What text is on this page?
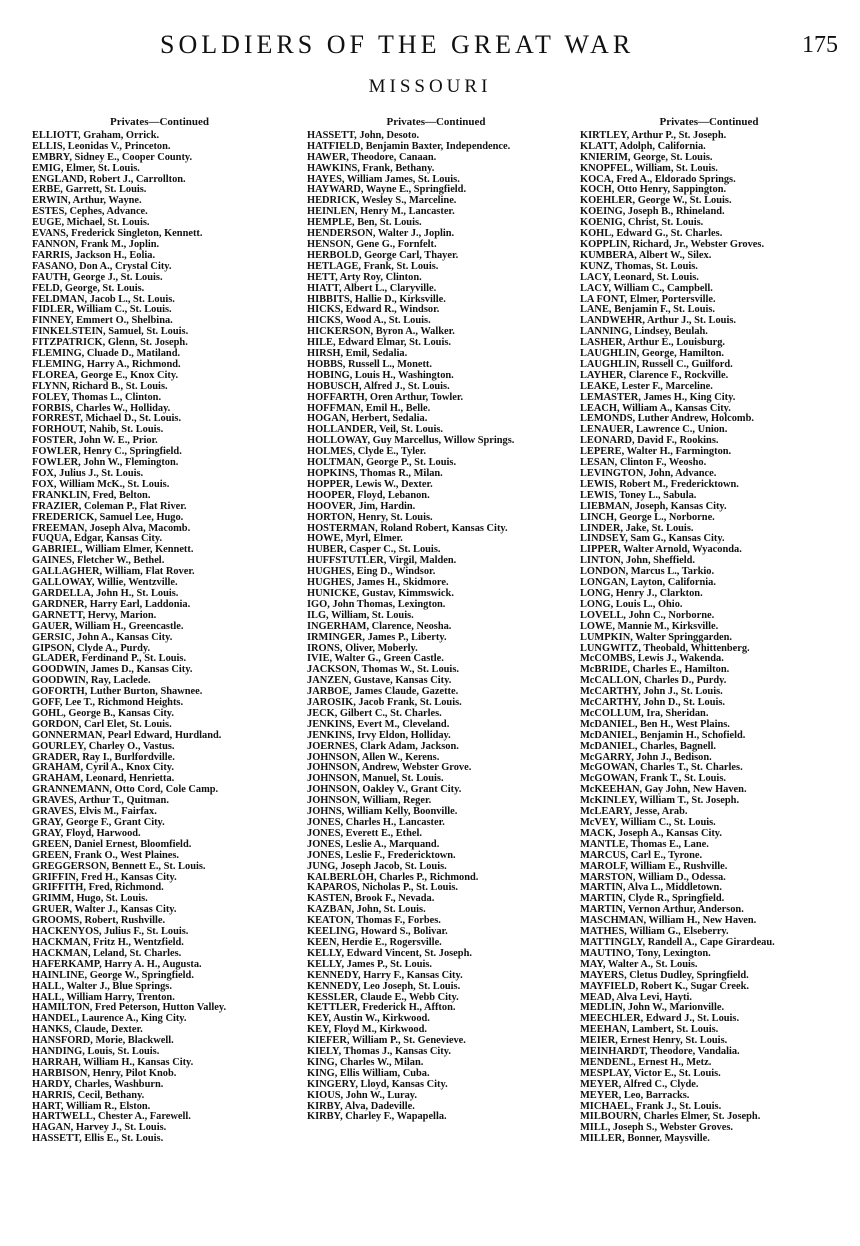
SOLDIERS OF THE GREAT WAR	175
MISSOURI
Privates—Continued

ELLIOTT, Graham, Orrick.

ELLIS, Leonidas V., Princeton.

EMBRY, Sidney E., Cooper County.

EMIG, Elmer, St. Louis.

ENGLAND, Robert J., Carrollton.

ERBE, Garrett, St. Louis.

ERWIN, Arthur, Wayne.

ESTES, Cephes, Advance.

EUGE, Michael, St. Louis.

EVANS, Frederick Singleton, Kennett.

FANNON, Frank M., Joplin.

FARRIS, Jackson H., Eolia.

FASANO, Don A., Crystal City.

FAUTH, George J., St. Louis.

FELD, George, St. Louis.

FELDMAN, Jacob L., St. Louis.

FIDLER, William C., St. Louis.

FINNEY, Emmert O., Shelbina.

FINKELSTEIN, Samuel, St. Louis.

FITZPATRICK, Glenn, St. Joseph.

FLEMING, Cluade D., Matiland.

FLEMING, Harry A., Richmond.

FLOREA, George E., Knox City.

FLYNN, Richard B., St. Louis.

FOLEY, Thomas L., Clinton.

FORBIS, Charles W., Holliday.

FORREST, Michael D., St. Louis.

FORHOUT, Nahib, St. Louis.

FOSTER, John W. E., Prior.

FOWLER, Henry C., Springfield.

FOWLER, John W., Flemington.

FOX, Julius J., St. Louis.

FOX, William McK., St. Louis.

FRANKLIN, Fred, Belton.

FRAZIER, Coleman P., Flat River.

FREDERICK, Samuel Lee, Hugo.

FREEMAN, Joseph Alva, Macomb.

FUQUA, Edgar, Kansas City.

GABRIEL, William Elmer, Kennett.

GAINES, Fletcher W., Bethel.

GALLAGHER, William, Flat Rover.

GALLOWAY, Willie, Wentzville.

GARDELLA, John H., St. Louis.

GARDNER, Harry Earl, Laddonia.

GARNETT, Hervy, Marion.

GAUER, William H., Greencastle.

GERSIC, John A., Kansas City.

GIPSON, Clyde A., Purdy.

GLADER, Ferdinand P., St. Louis.

GOODWIN, James D., Kansas City.

GOODWIN, Ray, Laclede.

GOFORTH, Luther Burton, Shawnee.

GOFF, Lee T., Richmond Heights.

GOHL, George B., Kansas City.

GORDON, Carl Elet, St. Louis.

GONNERMAN, Pearl Edward, Hurdland.

GOURLEY, Charley O., Vastus.

GRADER, Ray I., Burlfordville.

GRAHAM, Cyril A., Knox City.

GRAHAM, Leonard, Henrietta.

GRANNEMANN, Otto Cord, Cole Camp.

GRAVES, Arthur T., Quitman.

GRAVES, Elvis M., Fairfax.

GRAY, George F., Grant City.

GRAY, Floyd, Harwood.

GREEN, Daniel Ernest, Bloomfield.

GREEN, Frank O., West Plaines.

GREGGERSON, Bennett E., St. Louis.

GRIFFIN, Fred H., Kansas City.

GRIFFITH, Fred, Richmond.

GRIMM, Hugo, St. Louis.

GRUER, Walter J., Kansas City.

GROOMS, Robert, Rushville.

HACKENYOS, Julius F., St. Louis.

HACKMAN, Fritz H., Wentzfield.

HACKMAN, Leland, St. Charles.

HAFERKAMP, Harry A. H., Augusta.

HAINLINE, George W., Springfield.

HALL, Walter J., Blue Springs.

HALL, William Harry, Trenton.

HAMILTON, Fred Peterson, Hutton Valley.

HANDEL, Laurence A., King City.

HANKS, Claude, Dexter.

HANSFORD, Morie, Blackwell.

HANDING, Louis, St. Louis.

HARRAH, William H., Kansas City.

HARBISON, Henry, Pilot Knob.

HARDY, Charles, Washburn.

HARRIS, Cecil, Bethany.

HART, William R., Elston.

HARTWELL, Chester A., Farewell.

HAGAN, Harvey J., St. Louis.

HASSETT, Ellis E., St. Louis.

Privates—Continued

HASSETT, John, Desoto.

HATFIELD, Benjamin Baxter, Independence.

HAWER, Theodore, Canaan.

HAWKINS, Frank, Bethany.

HAYES, William James, St. Louis.

HAYWARD, Wayne E., Springfield.

HEDRICK, Wesley S., Marceline.

HEINLEN, Henry M., Lancaster.

HEMPLE, Ben, St. Louis.

HENDERSON, Walter J., Joplin.

HENSON, Gene G., Fornfelt.

HERBOLD, George Carl, Thayer.

HETLAGE, Frank, St. Louis.

HETT, Arty Roy, Clinton.

HIATT, Albert L., Claryville.

HIBBITS, Hallie D., Kirksville.

HICKS, Edward R., Windsor.

HICKS, Wood A., St. Louis.

HICKERSON, Byron A., Walker.

HILE, Edward Elmar, St. Louis.

HIRSH, Emil, Sedalia.

HOBBS, Russell L., Monett.

HOBING, Louis H., Washington.

HOBUSCH, Alfred J., St. Louis.

HOFFARTH, Oren Arthur, Towler.

HOFFMAN, Emil H., Belle.

HOGAN, Herbert, Sedalia.

HOLLANDER, Veil, St. Louis.

HOLLOWAY, Guy Marcellus, Willow Springs.

HOLMES, Clyde E., Tyler.

HOLTMAN, George P., St. Louis.

HOPKINS, Thomas R., Milan.

HOPPER, Lewis W., Dexter.

HOOPER, Floyd, Lebanon.

HOOVER, Jim, Hardin.

HORTON, Henry, St. Louis.

HOSTERMAN, Roland Robert, Kansas City.

HOWE, Myrl, Elmer.

HUBER, Casper C., St. Louis.

HUFFSTUTLER, Virgil, Malden.

HUGHES, Eing D., Windsor.

HUGHES, James H., Skidmore.

HUNICKE, Gustav, Kimmswick.

IGO, John Thomas, Lexington.

ILG, William, St. Louis.

INGERHAM, Clarence, Neosha.

IRMINGER, James P., Liberty.

IRONS, Oliver, Moberly.

IVIE, Walter G., Green Castle.

JACKSON, Thomas W., St. Louis.

JANZEN, Gustave, Kansas City.

JARBOE, James Claude, Gazette.

JAROSIK, Jacob Frank, St. Louis.

JECK, Gilbert C., St. Charles.

JENKINS, Evert M., Cleveland.

JENKINS, Irvy Eldon, Holliday.

JOERNES, Clark Adam, Jackson.

JOHNSON, Allen W., Kerens.

JOHNSON, Andrew, Webster Grove.

JOHNSON, Manuel, St. Louis.

JOHNSON, Oakley V., Grant City.

JOHNSON, William, Reger.

JOHNS, William Kelly, Boonville.

JONES, Charles H., Lancaster.

JONES, Everett E., Ethel.

JONES, Leslie A., Marquand.

JONES, Leslie F., Fredericktown.

JUNG, Joseph Jacob, St. Louis.

KALBERLOH, Charles P., Richmond.

KAPAROS, Nicholas P., St. Louis.

KASTEN, Brook F., Nevada.

KAZBAN, John, St. Louis.

KEATON, Thomas F., Forbes.

KEELING, Howard S., Bolivar.

KEEN, Herdie E., Rogersville.

KELLY, Edward Vincent, St. Joseph.

KELLY, James P., St. Louis.

KENNEDY, Harry F., Kansas City.

KENNEDY, Leo Joseph, St. Louis.

KESSLER, Claude E., Webb City.

KETTLER, Frederick H., Affton.

KEY, Austin W., Kirkwood.

KEY, Floyd M., Kirkwood.

KIEFER, William P., St. Genevieve.

KIELY, Thomas J., Kansas City.

KING, Charles W., Milan.

KING, Ellis William, Cuba.

KINGERY, Lloyd, Kansas City.

KIOUS, John W., Luray.

KIRBY, Alva, Dadeville.

KIRBY, Charley F., Wapapella.

Privates—Continued

KIRTLEY, Arthur P., St. Joseph.

KLATT, Adolph, California.

KNIERIM, George, St. Louis.

KNOPFEL, William, St. Louis.

KOCA, Fred A., Eldorado Springs.

KOCH, Otto Henry, Sappington.

KOEHLER, George W., St. Louis.

KOEING, Joseph B., Rhineland.

KOENIG, Christ, St. Louis.

KOHL, Edward G., St. Charles.

KOPPLIN, Richard, Jr., Webster Groves.

KUMBERA, Albert W., Silex.

KUNZ, Thomas, St. Louis.

LACY, Leonard, St. Louis.

LACY, William C., Campbell.

LA FONT, Elmer, Portersville.

LANE, Benjamin F., St. Louis.

LANDWEHR, Arthur J., St. Louis.

LANNING, Lindsey, Beulah.

LASHER, Arthur E., Louisburg.

LAUGHLIN, George, Hamilton.

LAUGHLIN, Russell C., Guilford.

LAYHER, Clarence F., Rockville.

LEAKE, Lester F., Marceline.

LEMASTER, James H., King City.

LEACH, William A., Kansas City.

LEMONDS, Luther Andrew, Holcomb.

LENAUER, Lawrence C., Union.

LEONARD, David F., Rookins.

LEPERE, Walter H., Farmington.

LESAN, Clinton F., Weosho.

LEVINGTON, John, Advance.

LEWIS, Robert M., Fredericktown.

LEWIS, Toney L., Sabula.

LIEBMAN, Joseph, Kansas City.

LINCH, George L., Norborne.

LINDER, Jake, St. Louis.

LINDSEY, Sam G., Kansas City.

LIPPER, Walter Arnold, Wyaconda.

LINTON, John, Sheffield.

LONDON, Marcus L., Tarkio.

LONGAN, Layton, California.

LONG, Henry J., Clarkton.

LONG, Louis L., Ohio.

LOVELL, John C., Norborne.

LOWE, Mannie M., Kirksville.

LUMPKIN, Walter Springgarden.

LUNGWITZ, Theobald, Whittenberg.

McCOMBS, Lewis J., Wakenda.

McBRIDE, Charles E., Hamilton.

McCALLON, Charles D., Purdy.

McCARTHY, John J., St. Louis.

McCARTHY, John D., St. Louis.

McCOLLUM, Ira, Sheridan.

McDANIEL, Ben H., West Plains.

McDANIEL, Benjamin H., Schofield.

McDANIEL, Charles, Bagnell.

McGARRY, John J., Bedison.

McGOWAN, Charles T., St. Charles.

McGOWAN, Frank T., St. Louis.

McKEEHAN, Gay John, New Haven.

McKINLEY, William T., St. Joseph.

McLEARY, Jesse, Arab.

McVEY, William C., St. Louis.

MACK, Joseph A., Kansas City.

MANTLE, Thomas E., Lane.

MARCUS, Carl E., Tyrone.

MAROLF, William E., Rushville.

MARSTON, William D., Odessa.

MARTIN, Alva L., Middletown.

MARTIN, Clyde R., Springfield.

MARTIN, Vernon Arthur, Anderson.

MASCHMAN, William H., New Haven.

MATHES, William G., Elseberry.

MATTINGLY, Randell A., Cape Girardeau.

MAUTINO, Tony, Lexington.

MAY, Walter A., St. Louis.

MAYERS, Cletus Dudley, Springfield.

MAYFIELD, Robert K., Sugar Creek.

MEAD, Alva Levi, Hayti.

MEDLIN, John W., Marionville.

MEECHLER, Edward J., St. Louis.

MEEHAN, Lambert, St. Louis.

MEIER, Ernest Henry, St. Louis.

MEINHARDT, Theodore, Vandalia.

MENDENL, Ernest H., Metz.

MESPLAY, Victor E., St. Louis.

MEYER, Alfred C., Clyde.

MEYER, Leo, Barracks.

MICHAEL, Frank J., St. Louis.

MILBOURN, Charles Elmer, St. Joseph.

MILL, Joseph S., Webster Groves.

MILLER, Bonner, Maysville.
